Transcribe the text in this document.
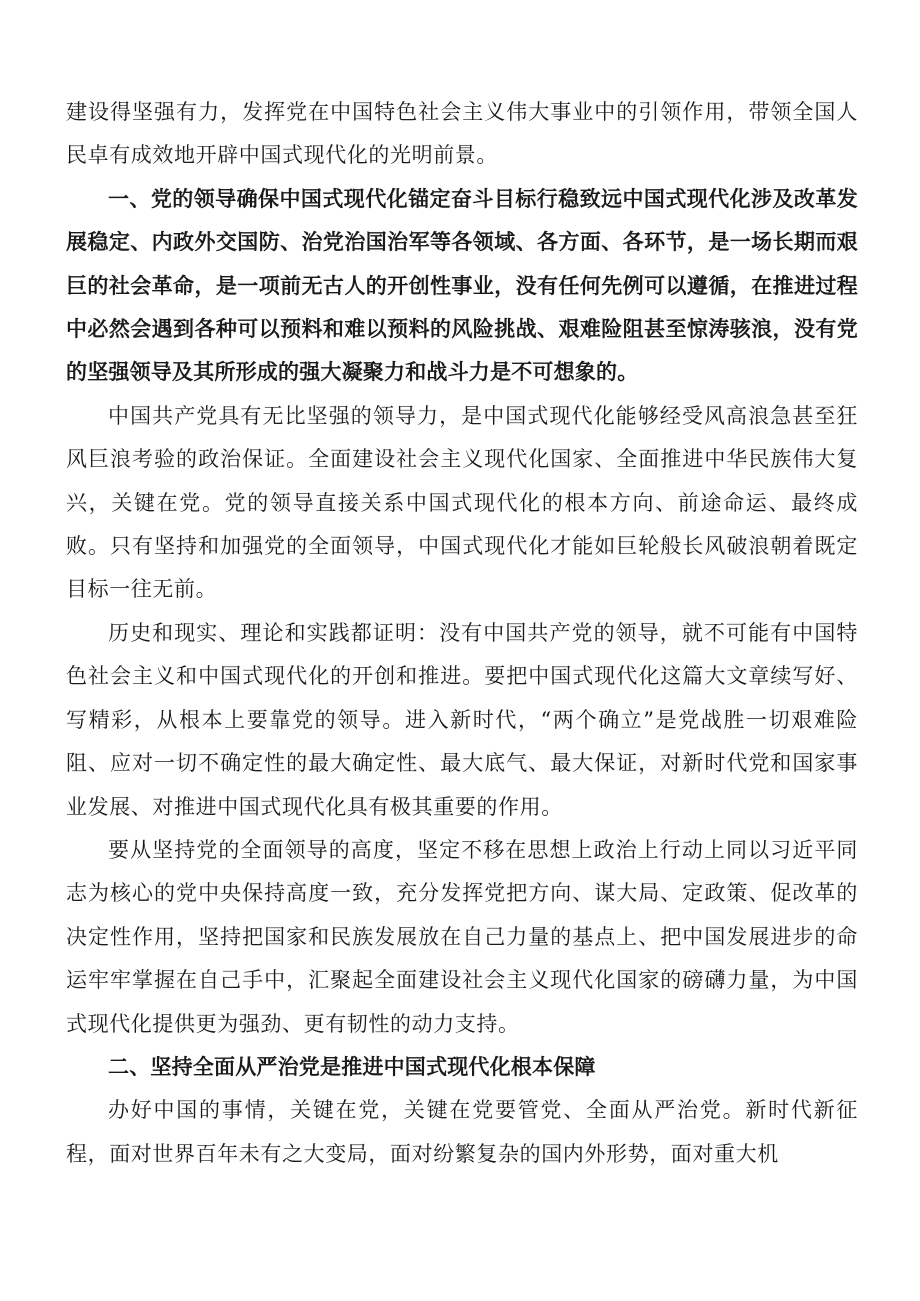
建设得坚强有力，发挥党在中国特色社会主义伟大事业中的引领作用，带领全国人民卓有成效地开辟中国式现代化的光明前景。

一、党的领导确保中国式现代化锚定奋斗目标行稳致远中国式现代化涉及改革发展稳定、内政外交国防、治党治国治军等各领域、各方面、各环节，是一场长期而艰巨的社会革命，是一项前无古人的开创性事业，没有任何先例可以遵循，在推进过程中必然会遇到各种可以预料和难以预料的风险挑战、艰难险阻甚至惊涛骇浪，没有党的坚强领导及其所形成的强大凝聚力和战斗力是不可想象的。

中国共产党具有无比坚强的领导力，是中国式现代化能够经受风高浪急甚至狂风巨浪考验的政治保证。全面建设社会主义现代化国家、全面推进中华民族伟大复兴，关键在党。党的领导直接关系中国式现代化的根本方向、前途命运、最终成败。只有坚持和加强党的全面领导，中国式现代化才能如巨轮般长风破浪朝着既定目标一往无前。

历史和现实、理论和实践都证明：没有中国共产党的领导，就不可能有中国特色社会主义和中国式现代化的开创和推进。要把中国式现代化这篇大文章续写好、写精彩，从根本上要靠党的领导。进入新时代，“两个确立”是党战胜一切艰难险阻、应对一切不确定性的最大确定性、最大底气、最大保证，对新时代党和国家事业发展、对推进中国式现代化具有极其重要的作用。

要从坚持党的全面领导的高度，坚定不移在思想上政治上行动上同以习近平同志为核心的党中央保持高度一致，充分发挥党把方向、谋大局、定政策、促改革的决定性作用，坚持把国家和民族发展放在自己力量的基点上、把中国发展进步的命运牢牢掌握在自己手中，汇聚起全面建设社会主义现代化国家的磅礴力量，为中国式现代化提供更为强劲、更有韧性的动力支持。

二、坚持全面从严治党是推进中国式现代化根本保障

办好中国的事情，关键在党，关键在党要管党、全面从严治党。新时代新征程，面对世界百年未有之大变局，面对纷繁复杂的国内外形势，面对重大机
